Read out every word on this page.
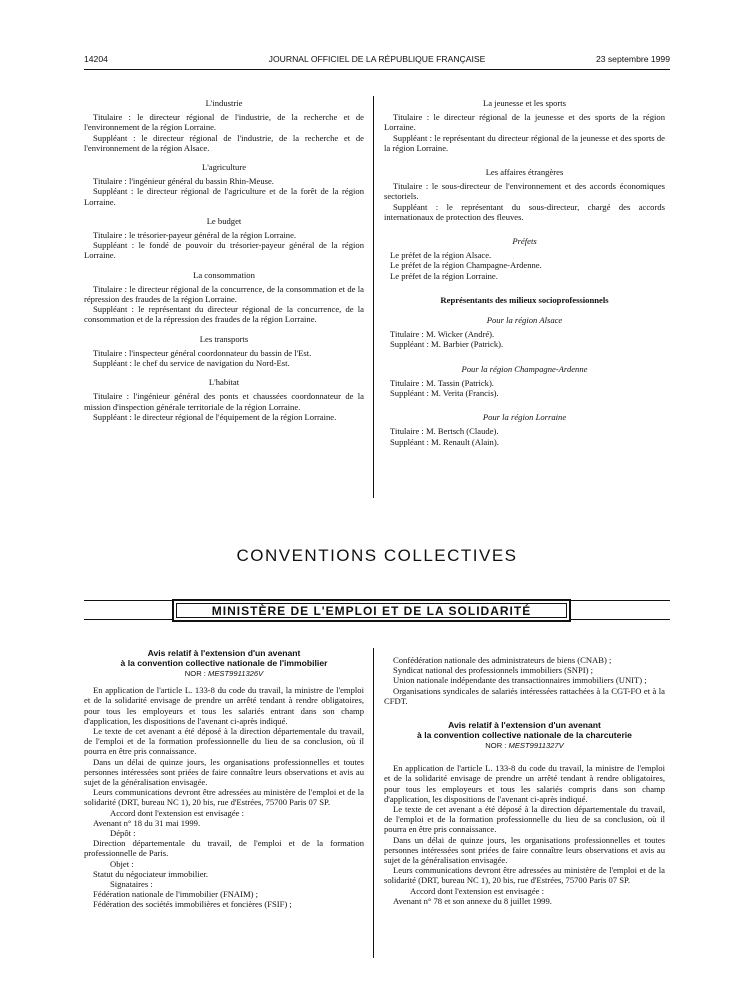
14204	JOURNAL OFFICIEL DE LA RÉPUBLIQUE FRANÇAISE	23 septembre 1999
L'industrie
Titulaire : le directeur régional de l'industrie, de la recherche et de l'environnement de la région Lorraine.
Suppléant : le directeur régional de l'industrie, de la recherche et de l'environnement de la région Alsace.
L'agriculture
Titulaire : l'ingénieur général du bassin Rhin-Meuse.
Suppléant : le directeur régional de l'agriculture et de la forêt de la région Lorraine.
Le budget
Titulaire : le trésorier-payeur général de la région Lorraine.
Suppléant : le fondé de pouvoir du trésorier-payeur général de la région Lorraine.
La consommation
Titulaire : le directeur régional de la concurrence, de la consommation et de la répression des fraudes de la région Lorraine.
Suppléant : le représentant du directeur régional de la concurrence, de la consommation et de la répression des fraudes de la région Lorraine.
Les transports
Titulaire : l'inspecteur général coordonnateur du bassin de l'Est.
Suppléant : le chef du service de navigation du Nord-Est.
L'habitat
Titulaire : l'ingénieur général des ponts et chaussées coordonnateur de la mission d'inspection générale territoriale de la région Lorraine.
Suppléant : le directeur régional de l'équipement de la région Lorraine.
La jeunesse et les sports
Titulaire : le directeur régional de la jeunesse et des sports de la région Lorraine.
Suppléant : le représentant du directeur régional de la jeunesse et des sports de la région Lorraine.
Les affaires étrangères
Titulaire : le sous-directeur de l'environnement et des accords économiques sectoriels.
Suppléant : le représentant du sous-directeur, chargé des accords internationaux de protection des fleuves.
Préfets
Le préfet de la région Alsace.
Le préfet de la région Champagne-Ardenne.
Le préfet de la région Lorraine.
Représentants des milieux socioprofessionnels
Pour la région Alsace
Titulaire : M. Wicker (André).
Suppléant : M. Barbier (Patrick).
Pour la région Champagne-Ardenne
Titulaire : M. Tassin (Patrick).
Suppléant : M. Verita (Francis).
Pour la région Lorraine
Titulaire : M. Bertsch (Claude).
Suppléant : M. Renault (Alain).
CONVENTIONS COLLECTIVES
MINISTÈRE DE L'EMPLOI ET DE LA SOLIDARITÉ
Avis relatif à l'extension d'un avenant
à la convention collective nationale de l'immobilier
NOR : MEST9911326V
En application de l'article L. 133-8 du code du travail, la ministre de l'emploi et de la solidarité envisage de prendre un arrêté tendant à rendre obligatoires, pour tous les employeurs et tous les salariés entrant dans son champ d'application, les dispositions de l'avenant ci-après indiqué.
Le texte de cet avenant a été déposé à la direction départementale du travail, de l'emploi et de la formation professionnelle du lieu de sa conclusion, où il pourra en être pris connaissance.
Dans un délai de quinze jours, les organisations professionnelles et toutes personnes intéressées sont priées de faire connaître leurs observations et avis au sujet de la généralisation envisagée.
Leurs communications devront être adressées au ministère de l'emploi et de la solidarité (DRT, bureau NC 1), 20 bis, rue d'Estrées, 75700 Paris 07 SP.
Accord dont l'extension est envisagée :
Avenant n° 18 du 31 mai 1999.
Dépôt :
Direction départementale du travail, de l'emploi et de la formation professionnelle de Paris.
Objet :
Statut du négociateur immobilier.
Signataires :
Fédération nationale de l'immobilier (FNAIM) ;
Fédération des sociétés immobilières et foncières (FSIF) ;
Confédération nationale des administrateurs de biens (CNAB) ;
Syndicat national des professionnels immobiliers (SNPI) ;
Union nationale indépendante des transactionnaires immobiliers (UNIT) ;
Organisations syndicales de salariés intéressées rattachées à la CGT-FO et à la CFDT.
Avis relatif à l'extension d'un avenant
à la convention collective nationale de la charcuterie
NOR : MEST9911327V
En application de l'article L. 133-8 du code du travail, la ministre de l'emploi et de la solidarité envisage de prendre un arrêté tendant à rendre obligatoires, pour tous les employeurs et tous les salariés compris dans son champ d'application, les dispositions de l'avenant ci-après indiqué.
Le texte de cet avenant a été déposé à la direction départementale du travail, de l'emploi et de la formation professionnelle du lieu de sa conclusion, où il pourra en être pris connaissance.
Dans un délai de quinze jours, les organisations professionnelles et toutes personnes intéressées sont priées de faire connaître leurs observations et avis au sujet de la généralisation envisagée.
Leurs communications devront être adressées au ministère de l'emploi et de la solidarité (DRT, bureau NC 1), 20 bis, rue d'Estrées, 75700 Paris 07 SP.
Accord dont l'extension est envisagée :
Avenant n° 78 et son annexe du 8 juillet 1999.
